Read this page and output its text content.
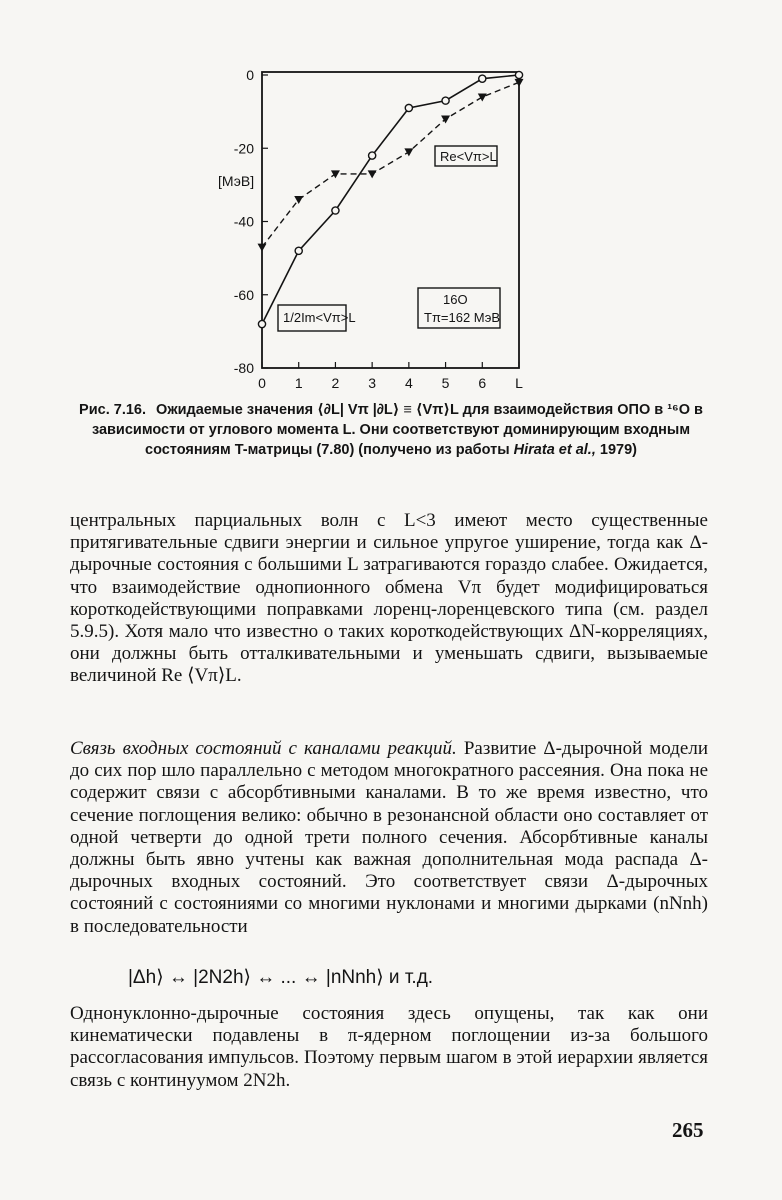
0
-20
-40
-60
-80
0 1 2 3 4 5 6 L
[МэВ]
Re<Vπ>L
1/2Im<Vπ>L
16O
Tπ=162 МэВ
Рис. 7.16. Ожидаемые значения ⟨∂L| Vπ |∂L⟩ ≡ ⟨Vπ⟩L для взаимодействия ОПО в ¹⁶O в зависимости от углового момента L. Они соответствуют доминирующим входным состояниям T-матрицы (7.80) (получено из работы Hirata et al., 1979)

центральных парциальных волн с L<3 имеют место существенные притягивательные сдвиги энергии и сильное упругое уширение, тогда как Δ-дырочные состояния с большими L затрагиваются гораздо слабее. Ожидается, что взаимодействие однопионного обмена Vπ будет модифицироваться короткодействующими поправками лоренц-лоренцевского типа (см. раздел 5.9.5). Хотя мало что известно о таких короткодействующих ΔN-корреляциях, они должны быть отталкивательными и уменьшать сдвиги, вызываемые величиной Re ⟨Vπ⟩L.

Связь входных состояний с каналами реакций. Развитие Δ-дырочной модели до сих пор шло параллельно с методом многократного рассеяния. Она пока не содержит связи с абсорбтивными каналами. В то же время известно, что сечение поглощения велико: обычно в резонансной области оно составляет от одной четверти до одной трети полного сечения. Абсорбтивные каналы должны быть явно учтены как важная дополнительная мода распада Δ-дырочных входных состояний. Это соответствует связи Δ-дырочных состояний с состояниями со многими нуклонами и многими дырками (nNnh) в последовательности

|Δh⟩ ↔ |2N2h⟩ ↔ ... ↔ |nNnh⟩ и т.д.

Однонуклонно-дырочные состояния здесь опущены, так как они кинематически подавлены в π-ядерном поглощении из-за большого рассогласования импульсов. Поэтому первым шагом в этой иерархии является связь с континуумом 2N2h.

265
